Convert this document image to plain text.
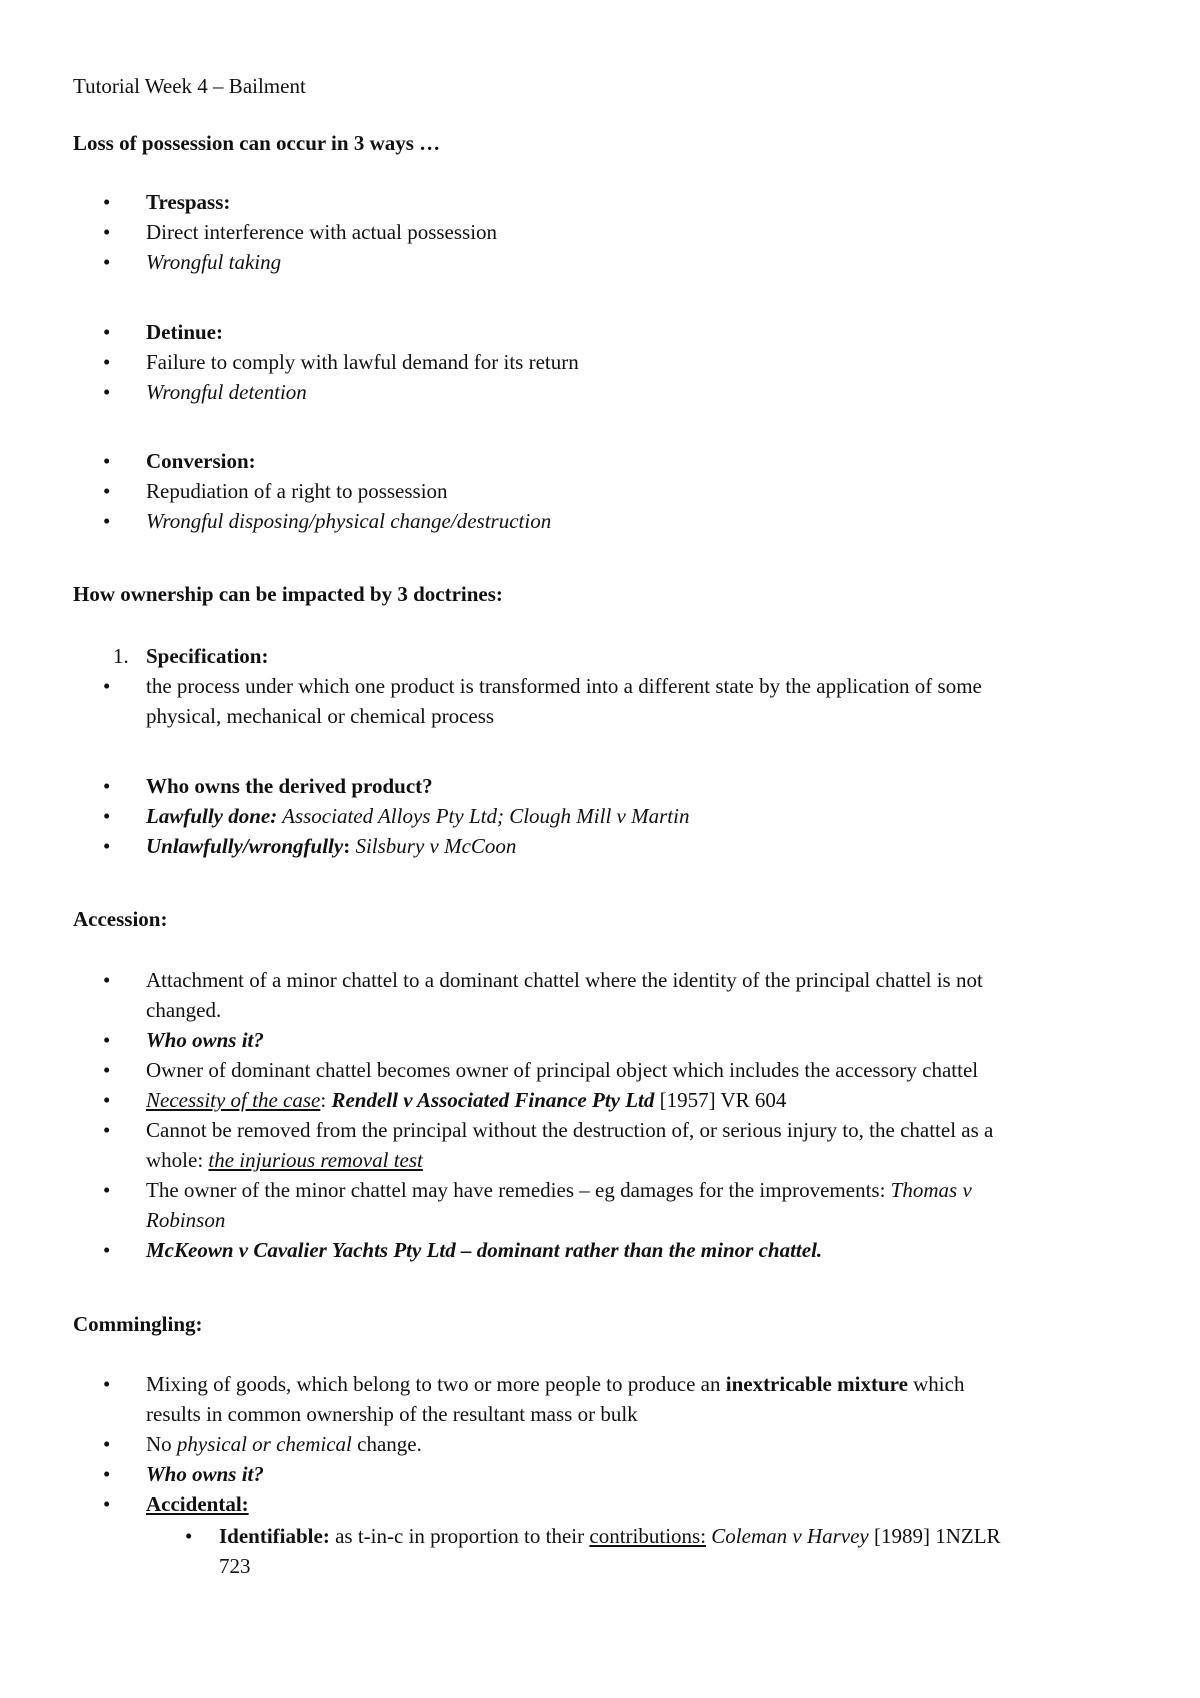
Tutorial Week 4 – Bailment
Loss of possession can occur in 3 ways …
• Trespass:
• Direct interference with actual possession
• Wrongful taking
• Detinue:
• Failure to comply with lawful demand for its return
• Wrongful detention
• Conversion:
• Repudiation of a right to possession
• Wrongful disposing/physical change/destruction
How ownership can be impacted by 3 doctrines:
1. Specification:
• the process under which one product is transformed into a different state by the application of some
physical, mechanical or chemical process
• Who owns the derived product?
• Lawfully done: Associated Alloys Pty Ltd; Clough Mill v Martin
• Unlawfully/wrongfully: Silsbury v McCoon
Accession:
• Attachment of a minor chattel to a dominant chattel where the identity of the principal chattel is not
changed.
• Who owns it?
• Owner of dominant chattel becomes owner of principal object which includes the accessory chattel
• Necessity of the case: Rendell v Associated Finance Pty Ltd [1957] VR 604
• Cannot be removed from the principal without the destruction of, or serious injury to, the chattel as a
whole: the injurious removal test
• The owner of the minor chattel may have remedies – eg damages for the improvements: Thomas v
Robinson
• McKeown v Cavalier Yachts Pty Ltd – dominant rather than the minor chattel.
Commingling:
• Mixing of goods, which belong to two or more people to produce an inextricable mixture which
results in common ownership of the resultant mass or bulk
• No physical or chemical change.
• Who owns it?
• Accidental:
• Identifiable: as t-in-c in proportion to their contributions: Coleman v Harvey [1989] 1NZLR
723
